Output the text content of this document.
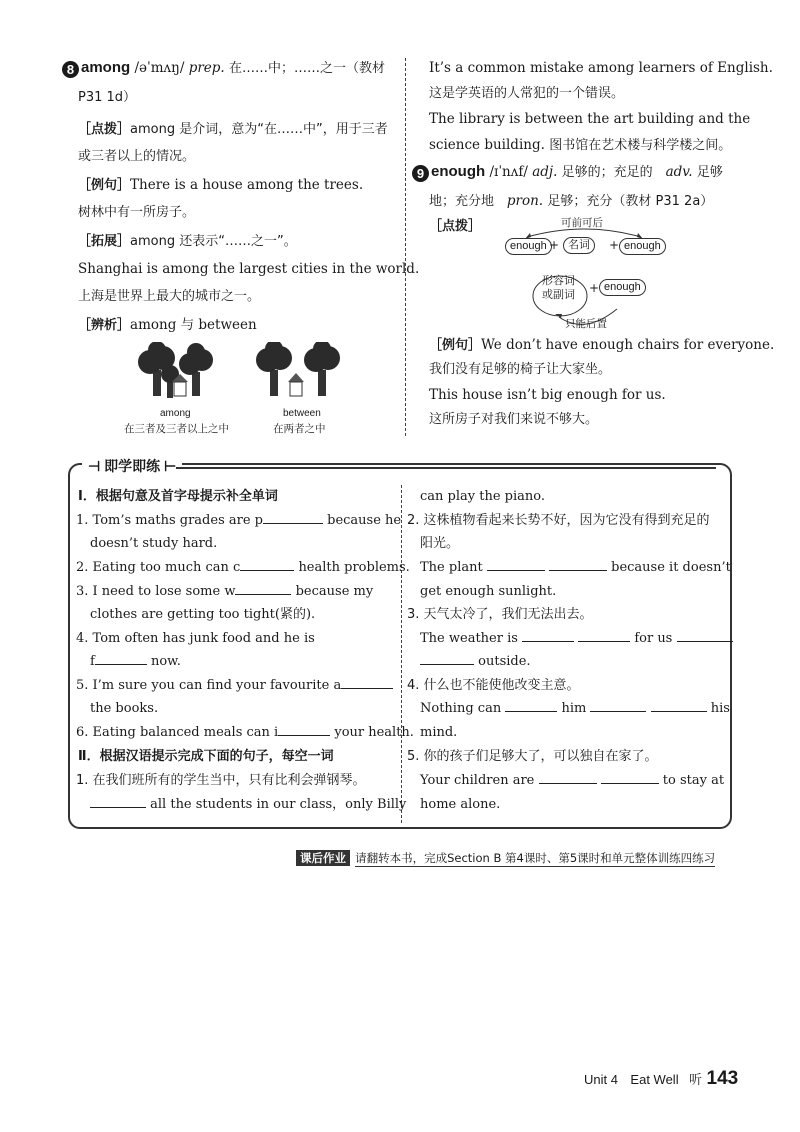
8 among /əˈmʌŋ/ prep. 在……中；……之一（教材
P31 1d）
［点拨］among 是介词，意为“在……中”，用于三者
或三者以上的情况。
［例句］There is a house among the trees.
树林中有一所房子。
［拓展］among 还表示“……之一”。
Shanghai is among the largest cities in the world.
上海是世界上最大的城市之一。
［辨析］among 与 between
among
在三者及三者以上之中
between
在两者之中
It’s a common mistake among learners of English.
这是学英语的人常犯的一个错误。
The library is between the art building and the
science building. 图书馆在艺术楼与科学楼之间。
9 enough /ɪˈnʌf/ adj. 足够的；充足的 adv. 足够
地；充分地 pron. 足够；充分（教材 P31 2a）
［点拨］	可前可后
enough + 名词	+ enough
形容词
或副词 + enough
只能后置
［例句］We don’t have enough chairs for everyone.
我们没有足够的椅子让大家坐。
This house isn’t big enough for us.
这所房子对我们来说不够大。
⊣ 即学即练 ⊢
Ⅰ．根据句意及首字母提示补全单词
1. Tom’s maths grades are p	because he
doesn’t study hard.
2. Eating too much can c	health problems.
3. I need to lose some w	because my
clothes are getting too tight(紧的).
4. Tom often has junk food and he is
f	now.
5. I’m sure you can find your favourite a
the books.
6. Eating balanced meals can i	your health.
Ⅱ．根据汉语提示完成下面的句子，每空一词
1. 在我们班所有的学生当中，只有比利会弹钢琴。
all the students in our class，only Billy
can play the piano.
2. 这株植物看起来长势不好，因为它没有得到充足的
阳光。
The plant	because it doesn’t
get enough sunlight.
3. 天气太冷了，我们无法出去。
The weather is	for us
outside.
4. 什么也不能使他改变主意。
Nothing can	him	his
mind.
5. 你的孩子们足够大了，可以独自在家了。
Your children are	to stay at
home alone.
课后作业 请翻转本书，完成Section B 第4课时、第5课时和单元整体训练四练习
Unit 4 Eat Well 听 143
